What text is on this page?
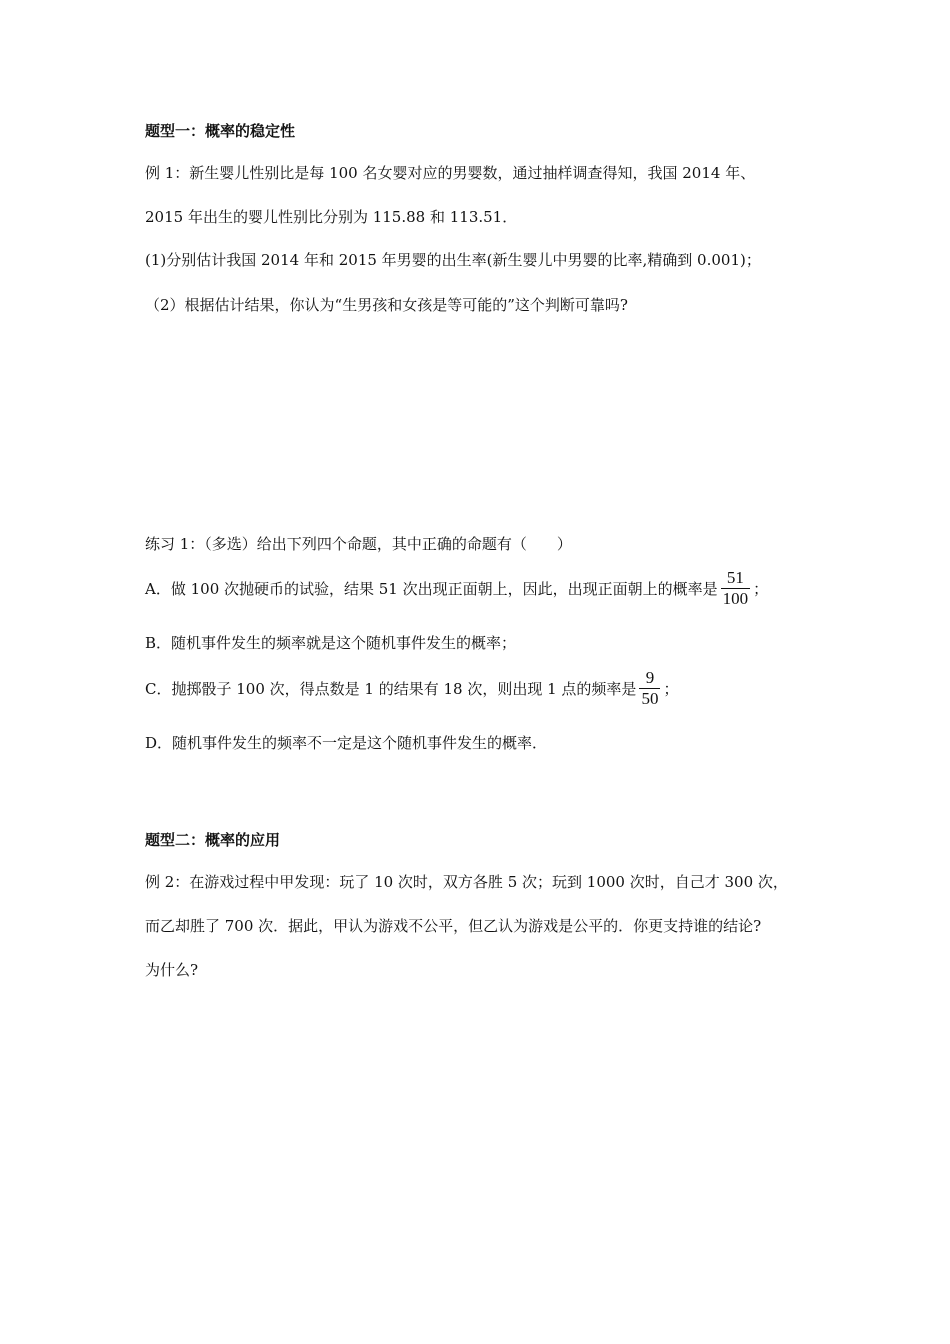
题型一：概率的稳定性
例 1：新生婴儿性别比是每 100 名女婴对应的男婴数，通过抽样调查得知，我国 2014 年、
2015 年出生的婴儿性别比分别为 115.88 和 113.51．
(1)分别估计我国 2014 年和 2015 年男婴的出生率(新生婴儿中男婴的比率,精确到 0.001)；
（2）根据估计结果，你认为“生男孩和女孩是等可能的”这个判断可靠吗?
练习 1：（多选）给出下列四个命题，其中正确的命题有（　　）
A．做 100 次抛硬币的试验，结果 51 次出现正面朝上，因此，出现正面朝上的概率是 $\frac{51}{100}$ ；
B．随机事件发生的频率就是这个随机事件发生的概率；
C．抛掷骰子 100 次，得点数是 1 的结果有 18 次，则出现 1 点的频率是 $\frac{9}{50}$ ；
D．随机事件发生的频率不一定是这个随机事件发生的概率．
题型二：概率的应用
例 2：在游戏过程中甲发现：玩了 10 次时，双方各胜 5 次；玩到 1000 次时，自己才 300 次，
而乙却胜了 700 次．据此，甲认为游戏不公平，但乙认为游戏是公平的．你更支持谁的结论?
为什么?
